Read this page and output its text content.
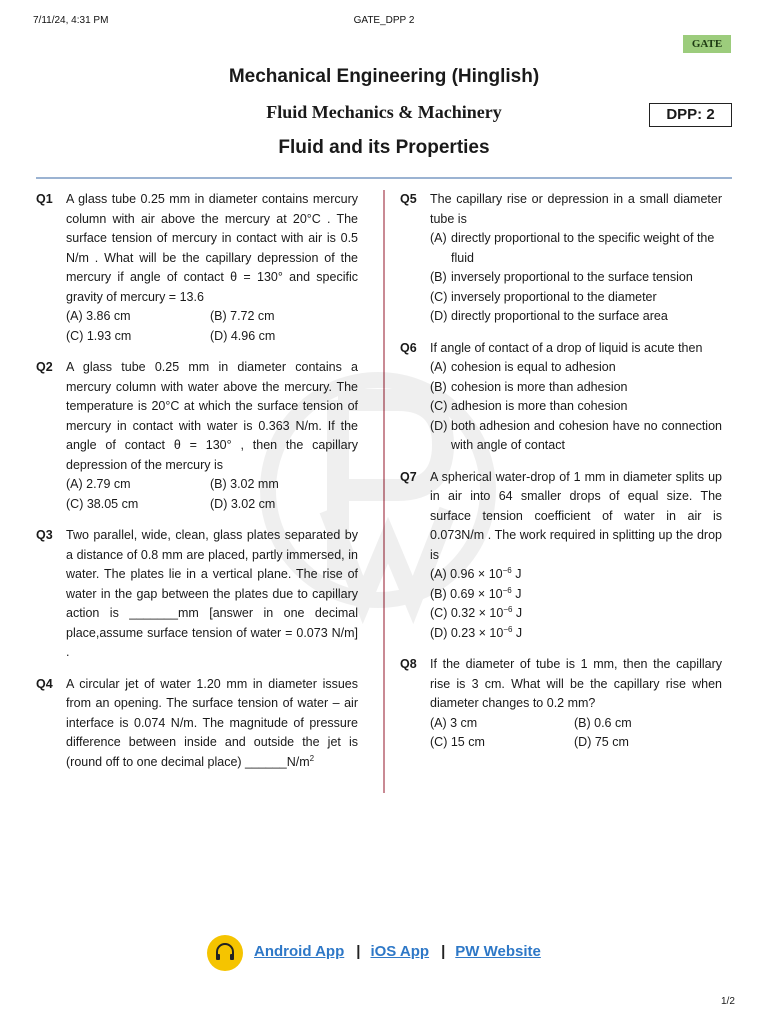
7/11/24, 4:31 PM	GATE_DPP 2
GATE
Mechanical Engineering (Hinglish)
Fluid Mechanics & Machinery	DPP: 2
Fluid and its Properties
Q1 A glass tube 0.25 mm in diameter contains mercury column with air above the mercury at 20°C . The surface tension of mercury in contact with air is 0.5 N/m . What will be the capillary depression of the mercury if angle of contact θ = 130° and specific gravity of mercury = 13.6
(A) 3.86 cm	(B) 7.72 cm
(C) 1.93 cm	(D) 4.96 cm
Q2 A glass tube 0.25 mm in diameter contains a mercury column with water above the mercury. The temperature is 20°C at which the surface tension of mercury in contact with water is 0.363 N/m. If the angle of contact θ = 130° , then the capillary depression of the mercury is
(A) 2.79 cm	(B) 3.02 mm
(C) 38.05 cm	(D) 3.02 cm
Q3 Two parallel, wide, clean, glass plates separated by a distance of 0.8 mm are placed, partly immersed, in water. The plates lie in a vertical plane. The rise of water in the gap between the plates due to capillary action is _______mm [answer in one decimal place,assume surface tension of water = 0.073 N/m] .
Q4 A circular jet of water 1.20 mm in diameter issues from an opening. The surface tension of water – air interface is 0.074 N/m. The magnitude of pressure difference between inside and outside the jet is (round off to one decimal place) $\_\_\_\_\_\_N/m^2$
Q5 The capillary rise or depression in a small diameter tube is
(A) directly proportional to the specific weight of the fluid
(B) inversely proportional to the surface tension
(C) inversely proportional to the diameter
(D) directly proportional to the surface area
Q6 If angle of contact of a drop of liquid is acute then
(A) cohesion is equal to adhesion
(B) cohesion is more than adhesion
(C) adhesion is more than cohesion
(D) both adhesion and cohesion have no connection with angle of contact
Q7 A spherical water-drop of 1 mm in diameter splits up in air into 64 smaller drops of equal size. The surface tension coefficient of water in air is 0.073N/m . The work required in splitting up the drop is
(A) $0.96 \times 10^{-6}$ J
(B) $0.69 \times 10^{-6}$ J
(C) $0.32 \times 10^{-6}$ J
(D) $0.23 \times 10^{-6}$ J
Q8 If the diameter of tube is 1 mm, then the capillary rise is 3 cm. What will be the capillary rise when diameter changes to 0.2 mm?
(A) 3 cm	(B) 0.6 cm
(C) 15 cm	(D) 75 cm
Android App | iOS App | PW Website
1/2
